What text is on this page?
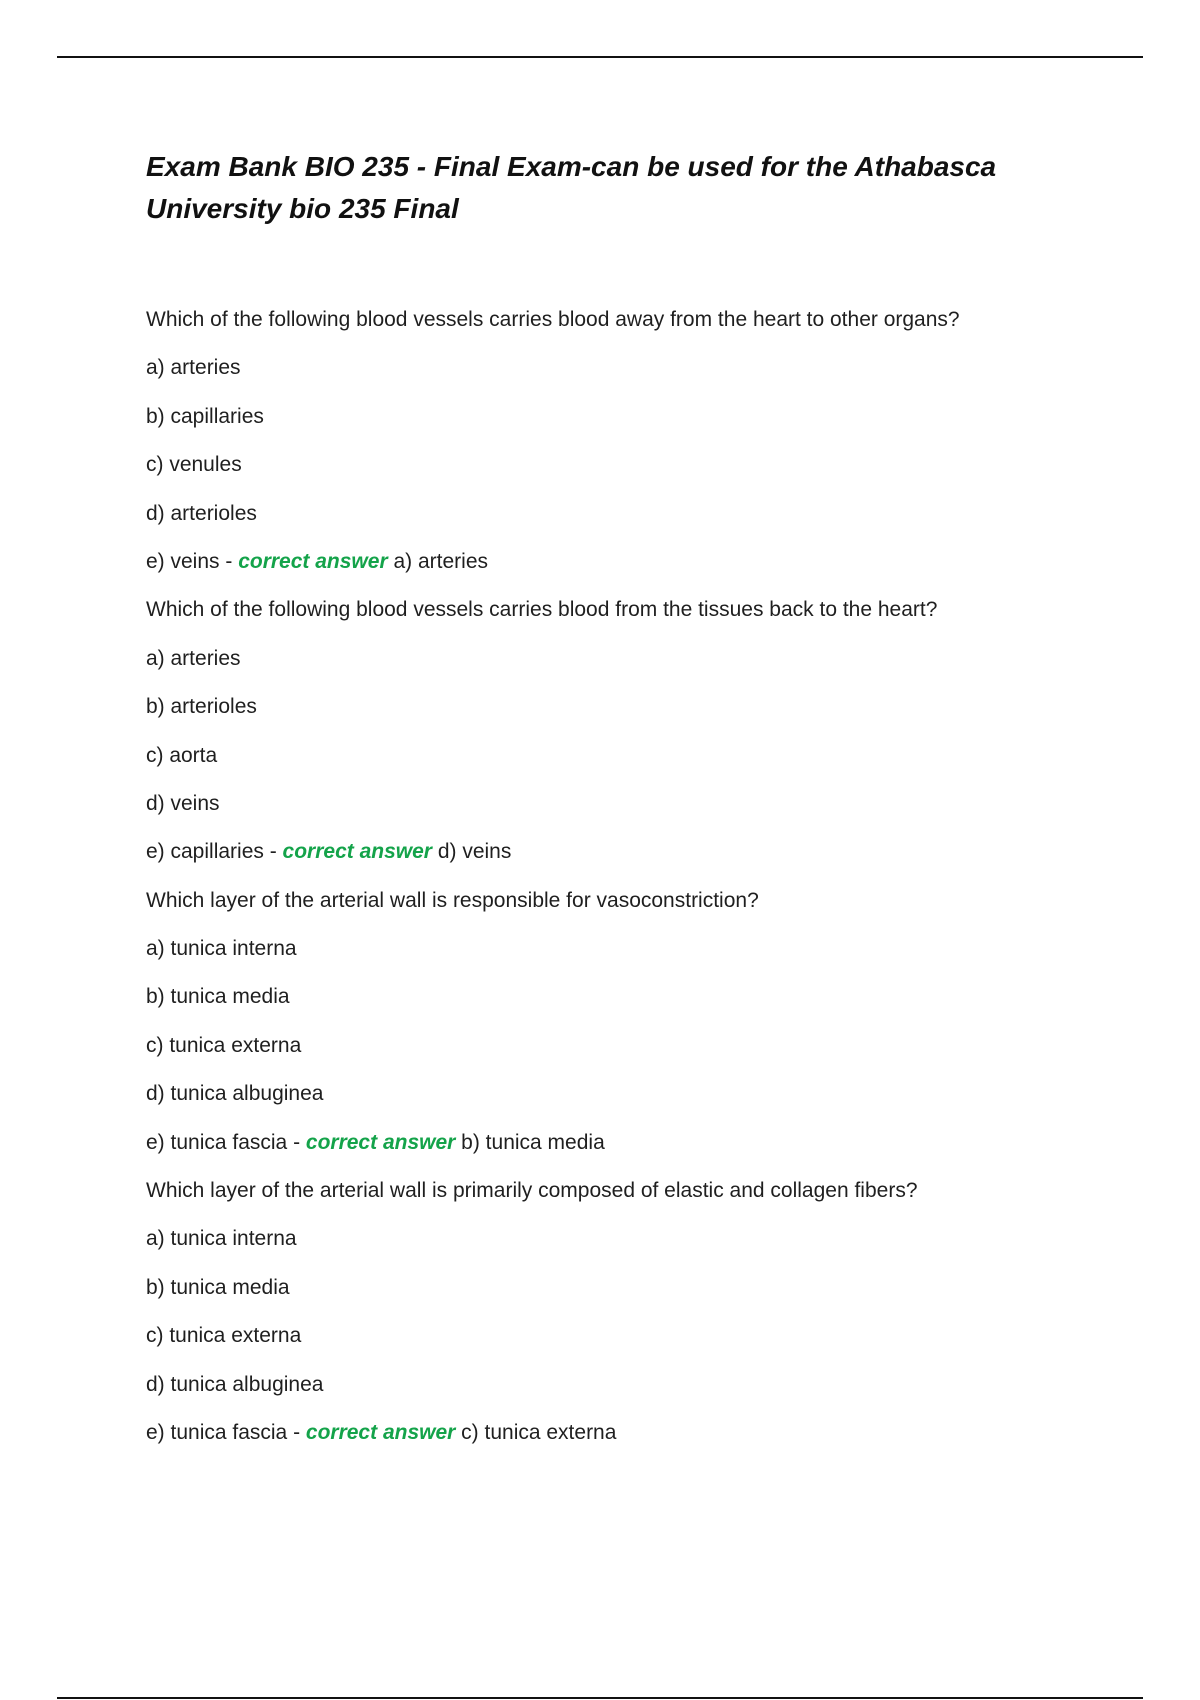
Exam Bank BIO 235 - Final Exam-can be used for the Athabasca
University bio 235 Final
Which of the following blood vessels carries blood away from the heart to other organs?
a) arteries
b) capillaries
c) venules
d) arterioles
e) veins - correct answer a) arteries
Which of the following blood vessels carries blood from the tissues back to the heart?
a) arteries
b) arterioles
c) aorta
d) veins
e) capillaries - correct answer d) veins
Which layer of the arterial wall is responsible for vasoconstriction?
a) tunica interna
b) tunica media
c) tunica externa
d) tunica albuginea
e) tunica fascia - correct answer b) tunica media
Which layer of the arterial wall is primarily composed of elastic and collagen fibers?
a) tunica interna
b) tunica media
c) tunica externa
d) tunica albuginea
e) tunica fascia - correct answer c) tunica externa
